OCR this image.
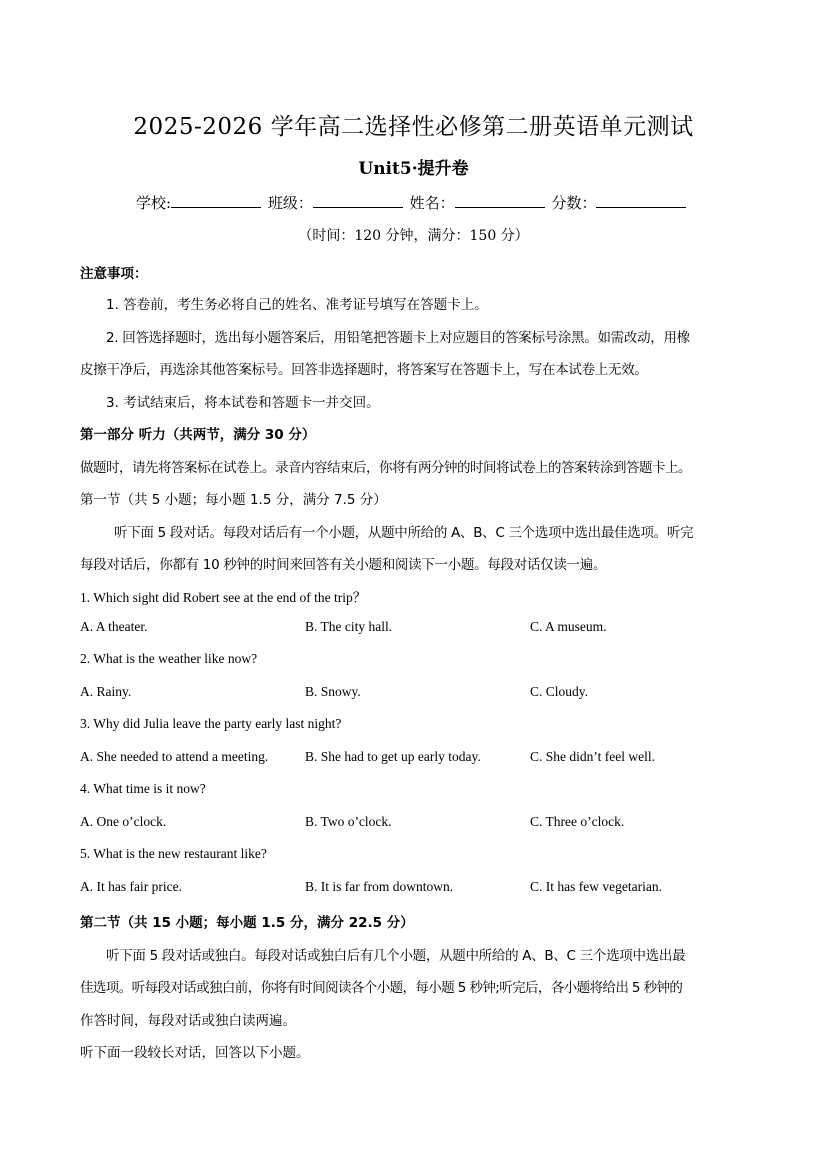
2025-2026 学年高二选择性必修第二册英语单元测试
Unit5·提升卷
学校:	班级：	姓名：	分数：
（时间：120 分钟，满分：150 分）
注意事项：
1. 答卷前，考生务必将自己的姓名、准考证号填写在答题卡上。
2. 回答选择题时，选出每小题答案后，用铅笔把答题卡上对应题目的答案标号涂黑。如需改动，用橡
皮擦干净后，再选涂其他答案标号。回答非选择题时，将答案写在答题卡上，写在本试卷上无效。
3. 考试结束后，将本试卷和答题卡一并交回。
第一部分 听力（共两节，满分 30 分）
做题时，请先将答案标在试卷上。录音内容结束后，你将有两分钟的时间将试卷上的答案转涂到答题卡上。
第一节（共 5 小题；每小题 1.5 分，满分 7.5 分）
听下面 5 段对话。每段对话后有一个小题，从题中所给的 A、B、C 三个选项中选出最佳选项。听完
每段对话后，你都有 10 秒钟的时间来回答有关小题和阅读下一小题。每段对话仅读一遍。
1. Which sight did Robert see at the end of the trip？
A. A theater.	B. The city hall.	C. A museum.
2. What is the weather like now?
A. Rainy.	B. Snowy.	C. Cloudy.
3. Why did Julia leave the party early last night?
A. She needed to attend a meeting.	B. She had to get up early today.	C. She didn’t feel well.
4. What time is it now?
A. One o’clock.	B. Two o’clock.	C. Three o’clock.
5. What is the new restaurant like?
A. It has fair price.	B. It is far from downtown.	C. It has few vegetarian.
第二节（共 15 小题；每小题 1.5 分，满分 22.5 分）
听下面 5 段对话或独白。每段对话或独白后有几个小题，从题中所给的 A、B、C 三个选项中选出最
佳选项。听每段对话或独白前，你将有时间阅读各个小题，每小题 5 秒钟;听完后，各小题将给出 5 秒钟的
作答时间，每段对话或独白读两遍。
听下面一段较长对话，回答以下小题。
